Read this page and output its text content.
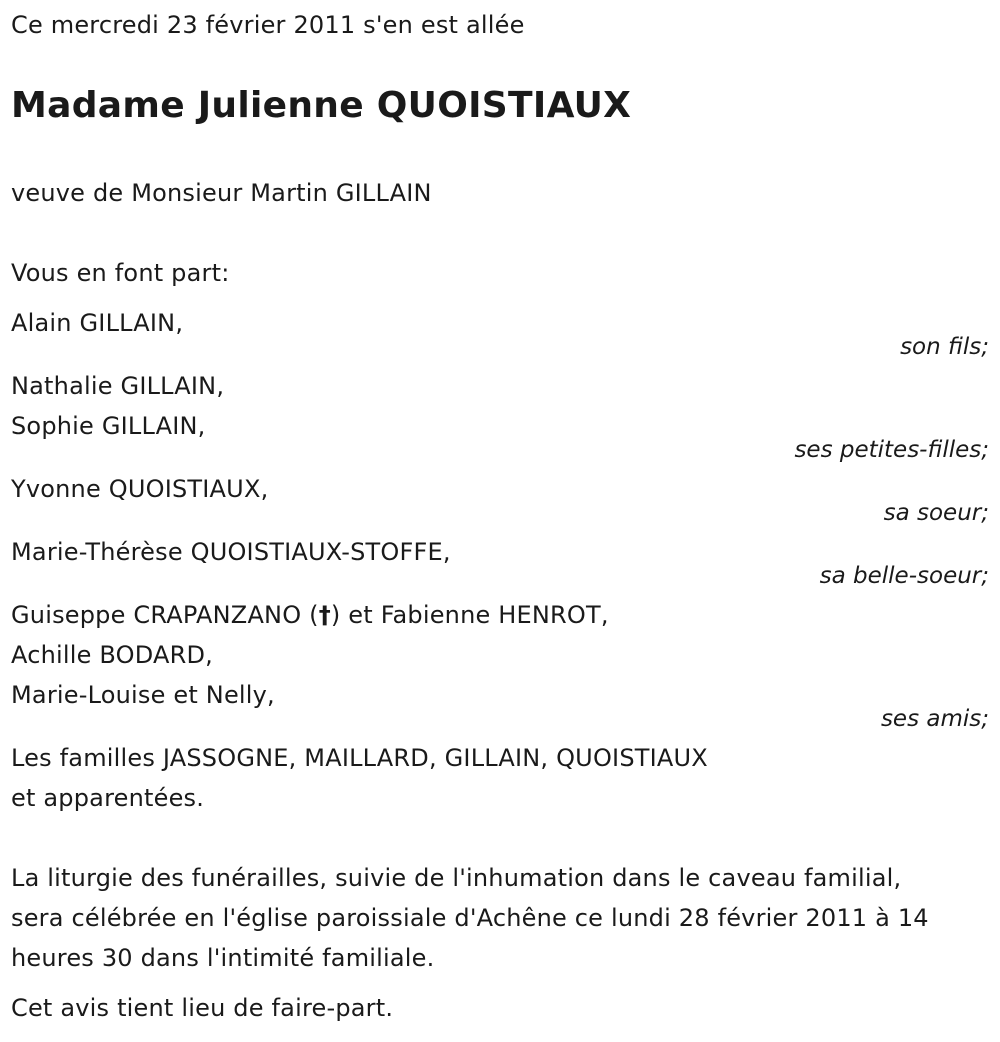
Ce mercredi 23 février 2011 s'en est allée
Madame Julienne QUOISTIAUX
veuve de Monsieur Martin GILLAIN
Vous en font part:
Alain GILLAIN,
son fils;
Nathalie GILLAIN,
Sophie GILLAIN,
ses petites-filles;
Yvonne QUOISTIAUX,
sa soeur;
Marie-Thérèse QUOISTIAUX-STOFFE,
sa belle-soeur;
Guiseppe CRAPANZANO (†) et Fabienne HENROT,
Achille BODARD,
Marie-Louise et Nelly,
ses amis;
Les familles JASSOGNE, MAILLARD, GILLAIN, QUOISTIAUX
et apparentées.
La liturgie des funérailles, suivie de l'inhumation dans le caveau familial,
sera célébrée en l'église paroissiale d'Achêne ce lundi 28 février 2011 à 14
heures 30 dans l'intimité familiale.
Cet avis tient lieu de faire-part.
